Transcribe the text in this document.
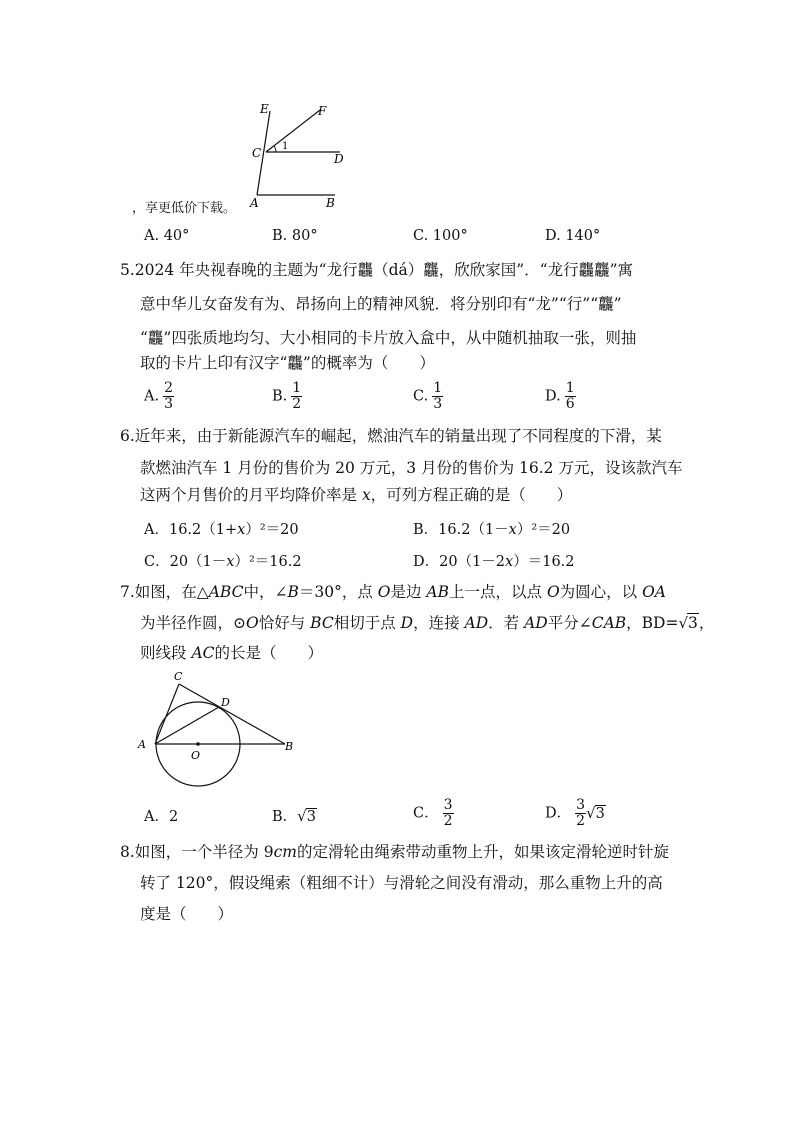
E	F
C 1
D
A	B
，享更低价下载。
A. 40°	B. 80°	C. 100°	D. 140°
5.2024 年央视春晚的主题为“龙行龘（dá）龘，欣欣家国”．“龙行龘龘”寓
意中华儿女奋发有为、昂扬向上的精神风貌．将分别印有“龙”“行”“龘”
“龘”四张质地均匀、大小相同的卡片放入盒中，从中随机抽取一张，则抽
取的卡片上印有汉字“龘”的概率为（　　）
A. $\frac{2}{3}$	B. $\frac{1}{2}$	C. $\frac{1}{3}$	D. $\frac{1}{6}$
6.近年来，由于新能源汽车的崛起，燃油汽车的销量出现了不同程度的下滑，某
款燃油汽车 1 月份的售价为 20 万元，3 月份的售价为 16.2 万元，设该款汽车
这两个月售价的月平均降价率是 x，可列方程正确的是（　　）
A．16.2（1+x）²＝20	B．16.2（1－x）²＝20
C．20（1－x）²＝16.2	D．20（1－2x）＝16.2
7.如图，在△ABC中，∠B＝30°，点 O是边 AB上一点，以点 O为圆心，以 OA
为半径作圆，⊙O恰好与 BC相切于点 D，连接 AD．若 AD平分∠CAB，BD=√3，
则线段 AC的长是（　　）
C
D
A
O
B
A．2	B．√3	C． $\frac{3}{2}$	D． $\frac{3}{2} √3$
8.如图，一个半径为 9cm的定滑轮由绳索带动重物上升，如果该定滑轮逆时针旋
转了 120°，假设绳索（粗细不计）与滑轮之间没有滑动，那么重物上升的高
度是（　　）
